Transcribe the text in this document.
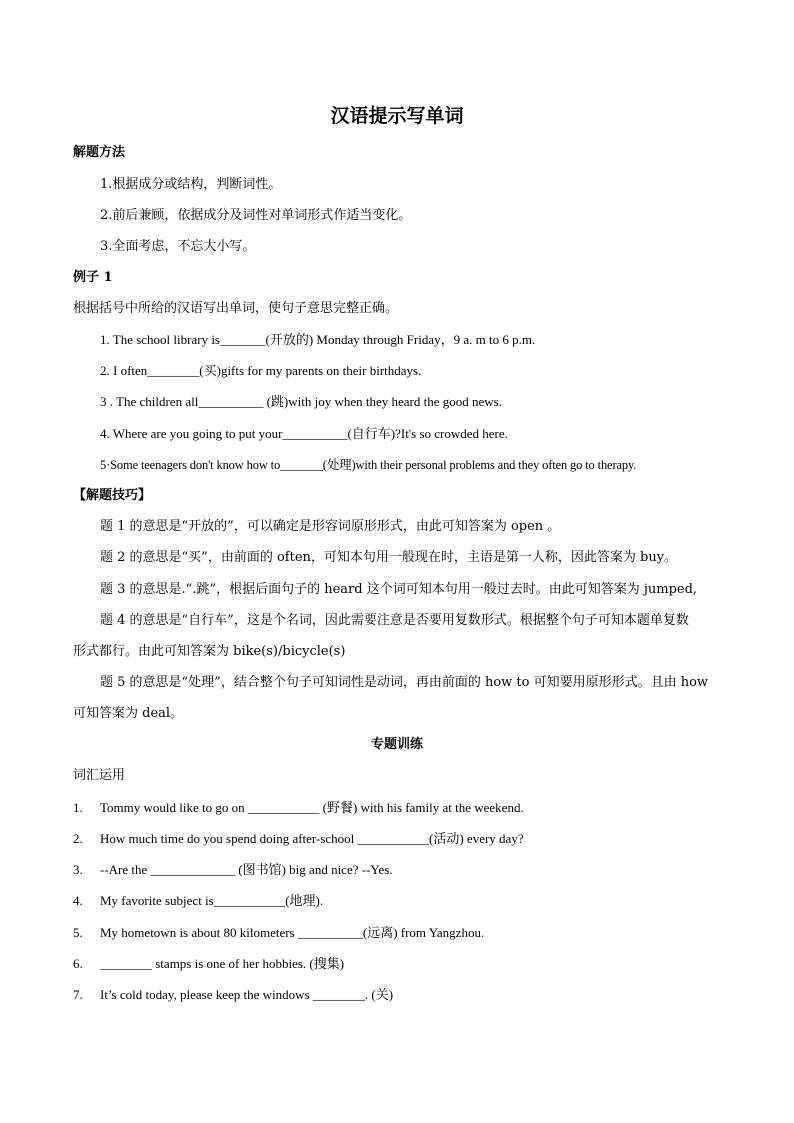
汉语提示写单词
解题方法
1.根据成分或结构，判断词性。
2.前后兼顾，依据成分及词性对单词形式作适当变化。
3.全面考虑，不忘大小写。
例子 1
根据括号中所给的汉语写出单词，使句子意思完整正确。
1. The school library is_______(开放的) Monday through Friday，9 a. m to 6 p.m.
2. I often________(买)gifts for my parents on their birthdays.
3 . The children all__________ (跳)with joy when they heard the good news.
4. Where are you going to put your__________(自行车)?It's so crowded here.
5·Some teenagers don't know how to_______(处理)with their personal problems and they often go to therapy.
【解题技巧】
题 1 的意思是“开放的”，可以确定是形容词原形形式，由此可知答案为 open 。
题 2 的意思是“买”，由前面的 often，可知本句用一般现在时，主语是第一人称，因此答案为 buy。
题 3 的意思是.“.跳”，根据后面句子的 heard 这个词可知本句用一般过去时。由此可知答案为 jumped,
题 4 的意思是“自行车”，这是个名词，因此需要注意是否要用复数形式。根据整个句子可知本题单复数
形式都行。由此可知答案为 bike(s)/bicycle(s)
题 5 的意思是“处理”，结合整个句子可知词性是动词，再由前面的 how to 可知要用原形形式。且由 how
可知答案为 deal。
专题训练
词汇运用
1. Tommy would like to go on ___________ (野餐) with his family at the weekend.
2. How much time do you spend doing after-school ___________(活动) every day?
3. --Are the _____________ (图书馆) big and nice? --Yes.
4. My favorite subject is___________(地理).
5. My hometown is about 80 kilometers __________(远离) from Yangzhou.
6. ________ stamps is one of her hobbies. (搜集)
7. It’s cold today, please keep the windows ________. (关)
